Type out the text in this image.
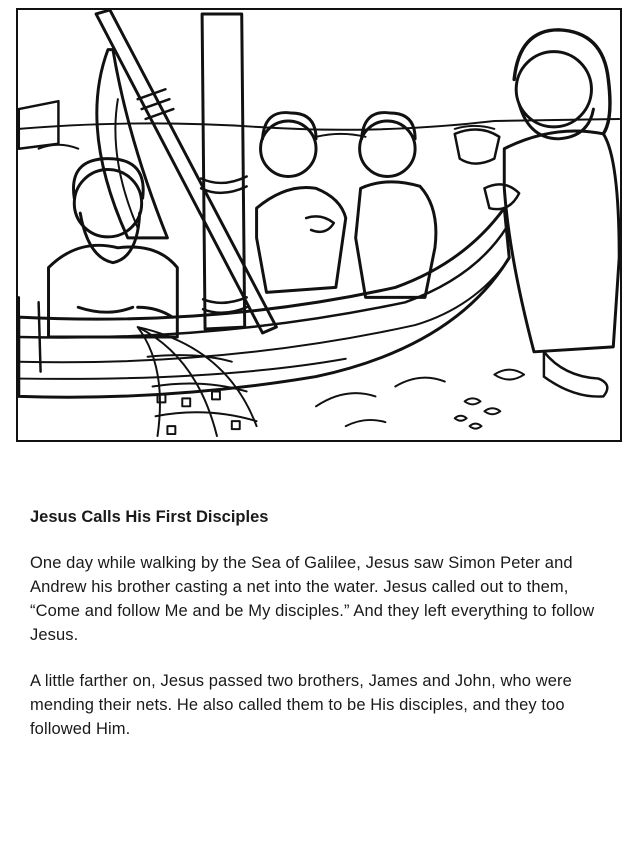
Jesus Calls His First Disciples

One day while walking by the Sea of Galilee, Jesus saw Simon Peter and Andrew his brother casting a net into the water. Jesus called out to them, “Come and follow Me and be My disciples.” And they left everything to follow Jesus.

A little farther on, Jesus passed two brothers, James and John, who were mending their nets. He also called them to be His disciples, and they too followed Him.
